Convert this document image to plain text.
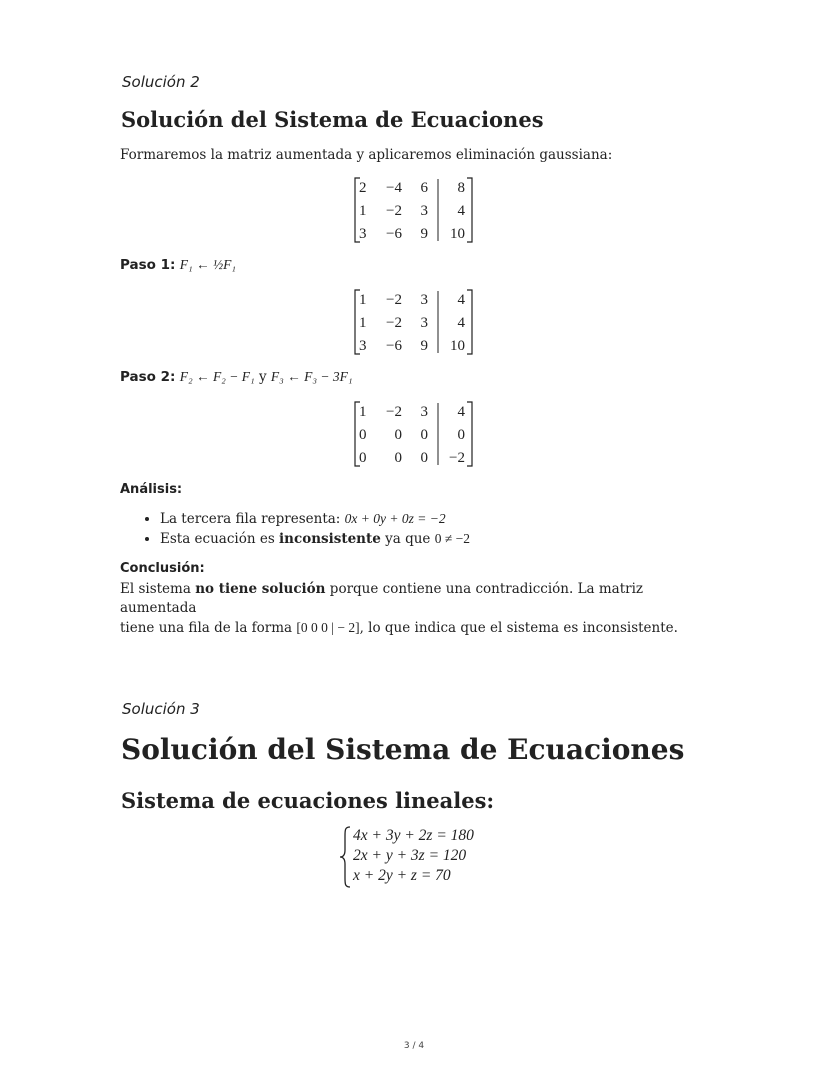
Solución 2
Solución del Sistema de Ecuaciones
Formaremos la matriz aumentada y aplicaremos eliminación gaussiana:
2 −4 6 8
1 −2 3 4
3 −6 9 10
Paso 1: F₁ ← ½F₁
1 −2 3 4
1 −2 3 4
3 −6 9 10
Paso 2: F₂ ← F₂ − F₁ y F₃ ← F₃ − 3F₁
1 −2 3 4
0 0 0 0
0 0 0 −2
Análisis:
• La tercera fila representa: 0x + 0y + 0z = −2
• Esta ecuación es inconsistente ya que 0 ≠ −2
Conclusión:
El sistema no tiene solución porque contiene una contradicción. La matriz aumentada
tiene una fila de la forma [0 0 0 | − 2], lo que indica que el sistema es inconsistente.
Solución 3
Solución del Sistema de Ecuaciones
Sistema de ecuaciones lineales:
4x + 3y + 2z = 180
2x + y + 3z = 120
x + 2y + z = 70
3 / 4
